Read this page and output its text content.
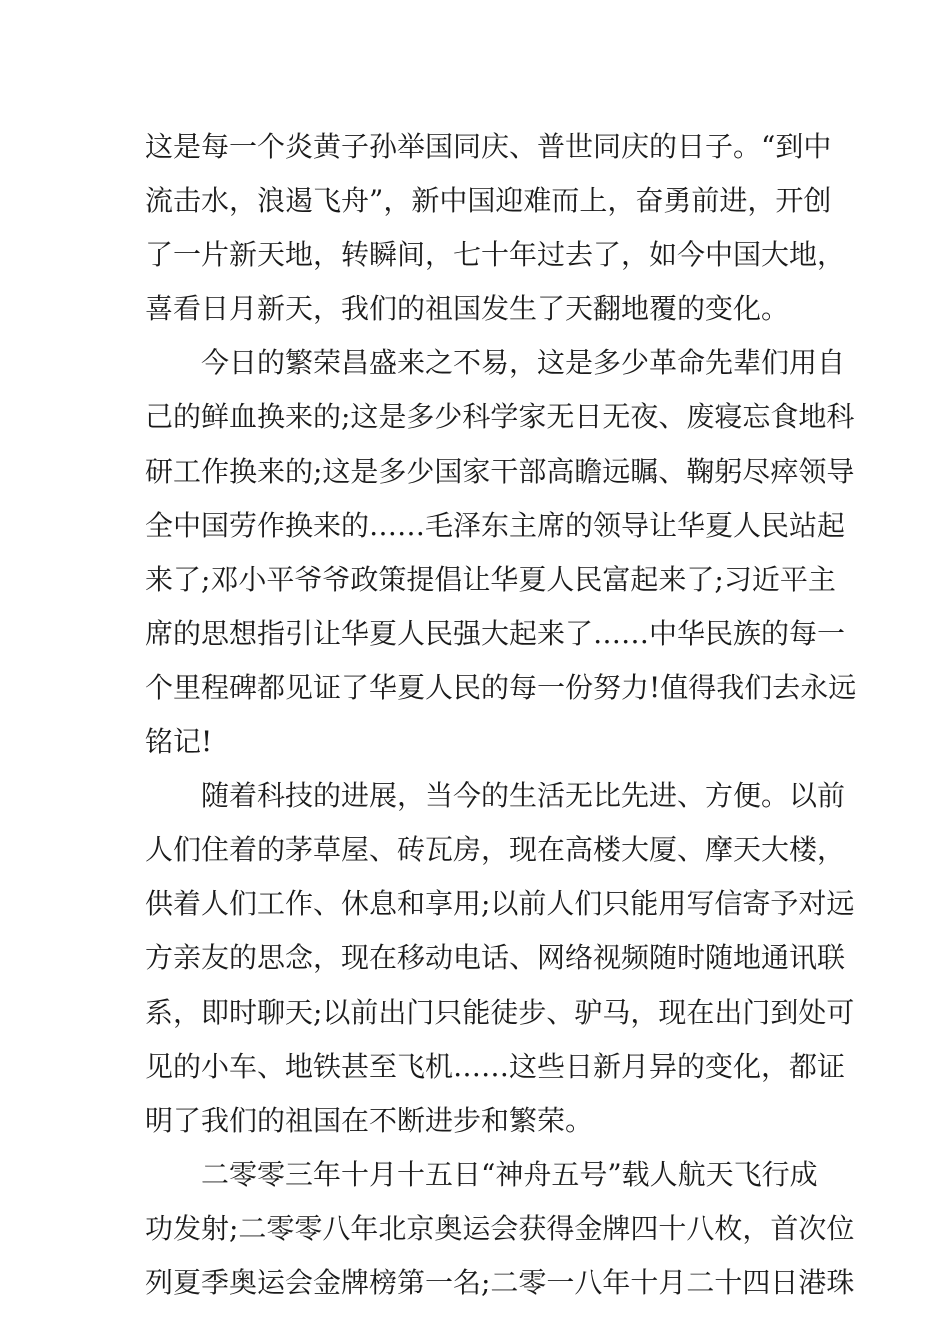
这是每一个炎黄子孙举国同庆、普世同庆的日子。“到中
流击水，浪遏飞舟”，新中国迎难而上，奋勇前进，开创
了一片新天地，转瞬间，七十年过去了，如今中国大地，
喜看日月新天，我们的祖国发生了天翻地覆的变化。
今日的繁荣昌盛来之不易，这是多少革命先辈们用自
己的鲜血换来的;这是多少科学家无日无夜、废寝忘食地科
研工作换来的;这是多少国家干部高瞻远瞩、鞠躬尽瘁领导
全中国劳作换来的……毛泽东主席的领导让华夏人民站起
来了;邓小平爷爷政策提倡让华夏人民富起来了;习近平主
席的思想指引让华夏人民强大起来了……中华民族的每一
个里程碑都见证了华夏人民的每一份努力!值得我们去永远
铭记!
随着科技的进展，当今的生活无比先进、方便。以前
人们住着的茅草屋、砖瓦房，现在高楼大厦、摩天大楼，
供着人们工作、休息和享用;以前人们只能用写信寄予对远
方亲友的思念，现在移动电话、网络视频随时随地通讯联
系，即时聊天;以前出门只能徒步、驴马，现在出门到处可
见的小车、地铁甚至飞机……这些日新月异的变化，都证
明了我们的祖国在不断进步和繁荣。
二零零三年十月十五日“神舟五号”载人航天飞行成
功发射;二零零八年北京奥运会获得金牌四十八枚，首次位
列夏季奥运会金牌榜第一名;二零一八年十月二十四日港珠
